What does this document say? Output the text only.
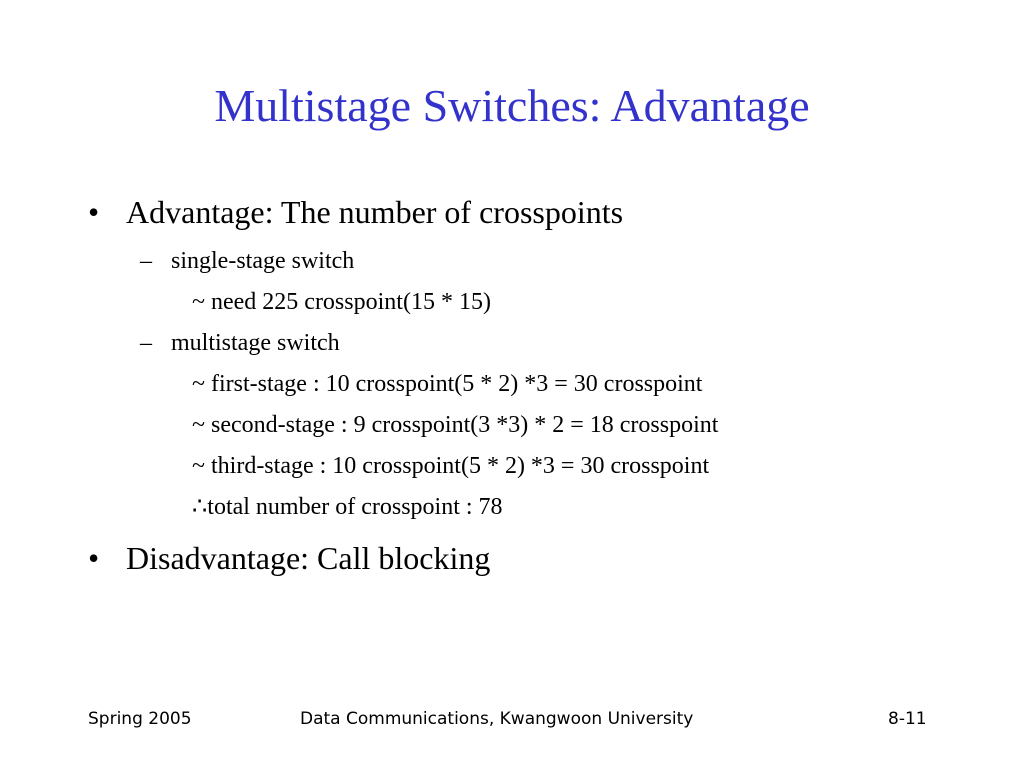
Multistage Switches: Advantage
• Advantage: The number of crosspoints
– single-stage switch
~ need 225 crosspoint(15 * 15)
– multistage switch
~ first-stage : 10 crosspoint(5 * 2) *3 = 30 crosspoint
~ second-stage : 9 crosspoint(3 *3) * 2 = 18 crosspoint
~ third-stage : 10 crosspoint(5 * 2) *3 = 30 crosspoint
∴total number of crosspoint : 78
• Disadvantage: Call blocking
Spring 2005	Data Communications, Kwangwoon University	8-11
